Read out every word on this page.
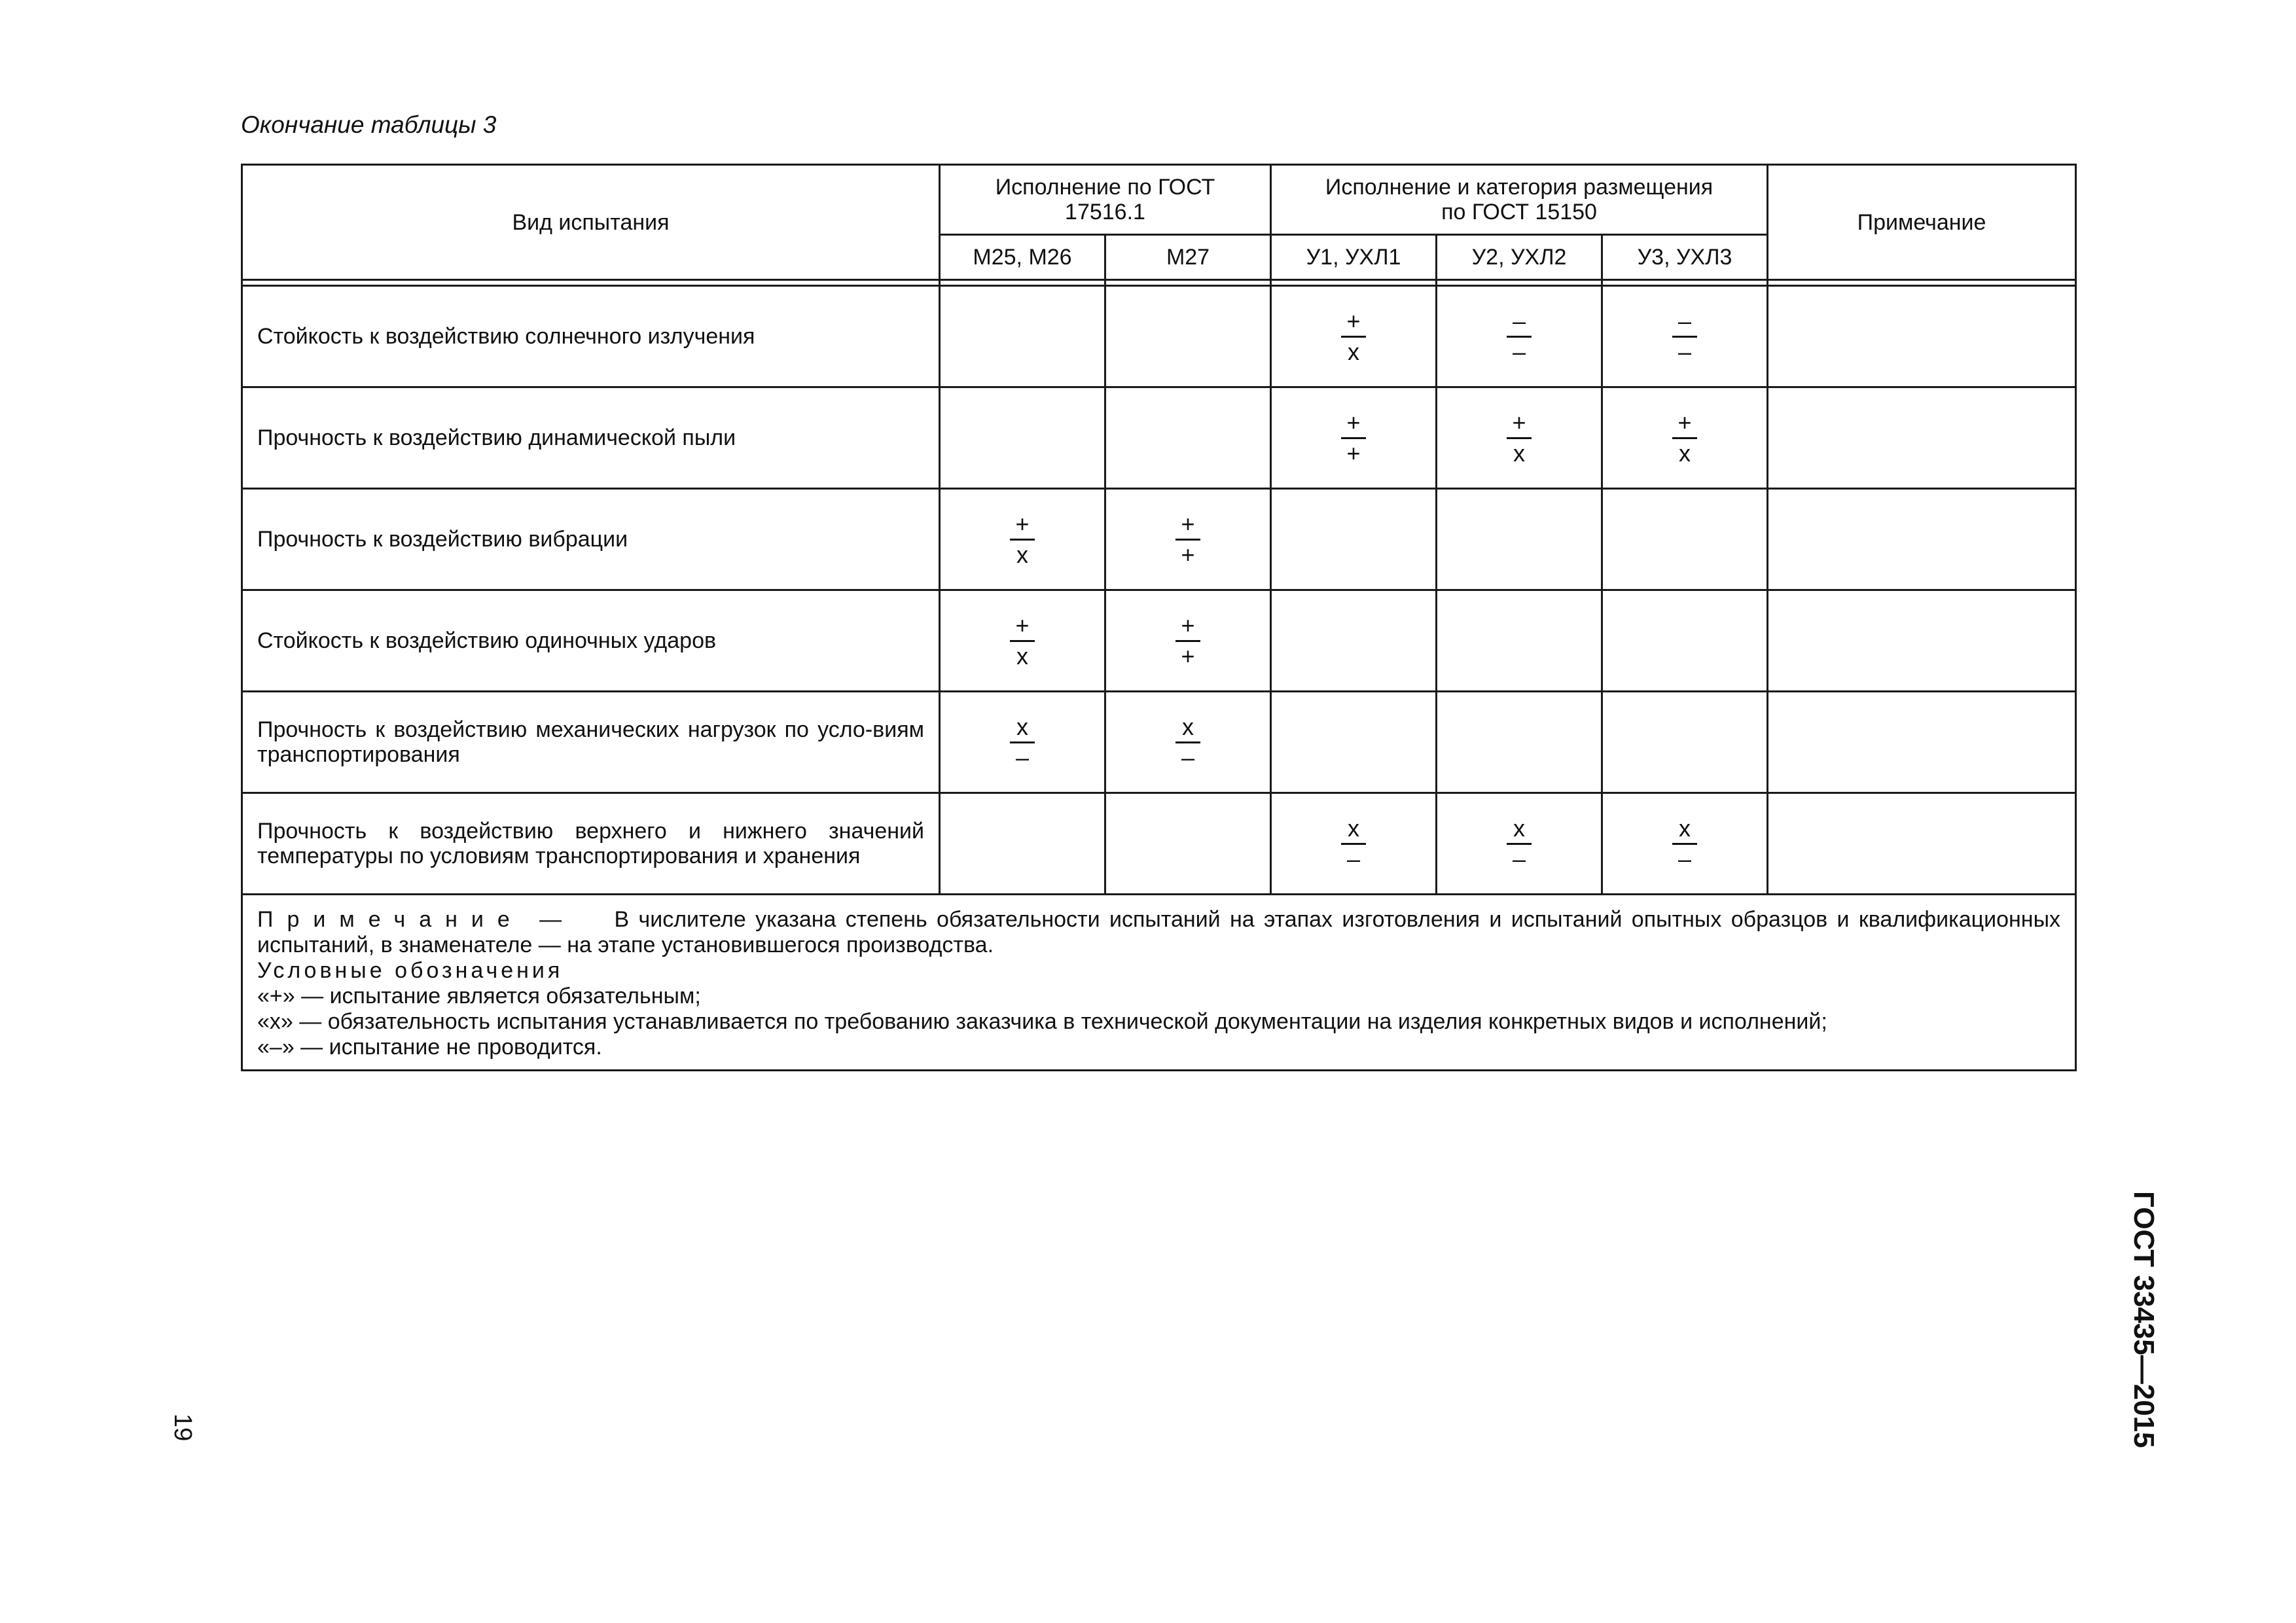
Окончание таблицы 3
Вид испытания	Исполнение по ГОСТ 17516.1		Исполнение и категория размещения по ГОСТ 15150			Примечание
	М25, М26	М27	У1, УХЛ1	У2, УХЛ2	У3, УХЛ3	

Стойкость к воздействию солнечного излучения			$\frac{+}{х}$	$\frac{-}{-}$	$\frac{-}{-}$

Прочность к воздействию динамической пыли			$\frac{+}{+}$	$\frac{+}{х}$	$\frac{+}{х}$

Прочность к воздействию вибрации	$\frac{+}{х}$	$\frac{+}{+}$

Стойкость к воздействию одиночных ударов	$\frac{+}{х}$	$\frac{+}{+}$

Прочность к воздействию механических нагрузок по усло-виям транспортирования	$\frac{х}{-}$	$\frac{х}{-}$

Прочность к воздействию верхнего и нижнего значений температуры по условиям транспортирования и хранения			$\frac{х}{-}$	$\frac{х}{-}$	$\frac{х}{-}$

Примечание — В числителе указана степень обязательности испытаний на этапах изготовления и испытаний опытных образцов и квалификационных испытаний, в знаменателе — на этапе установившегося производства.

Условные обозначения
«+» — испытание является обязательным;
«х» — обязательность испытания устанавливается по требованию заказчика в технической документации на изделия конкретных видов и исполнений;
«–» — испытание не проводится.						
19	ГОСТ 33435—2015
